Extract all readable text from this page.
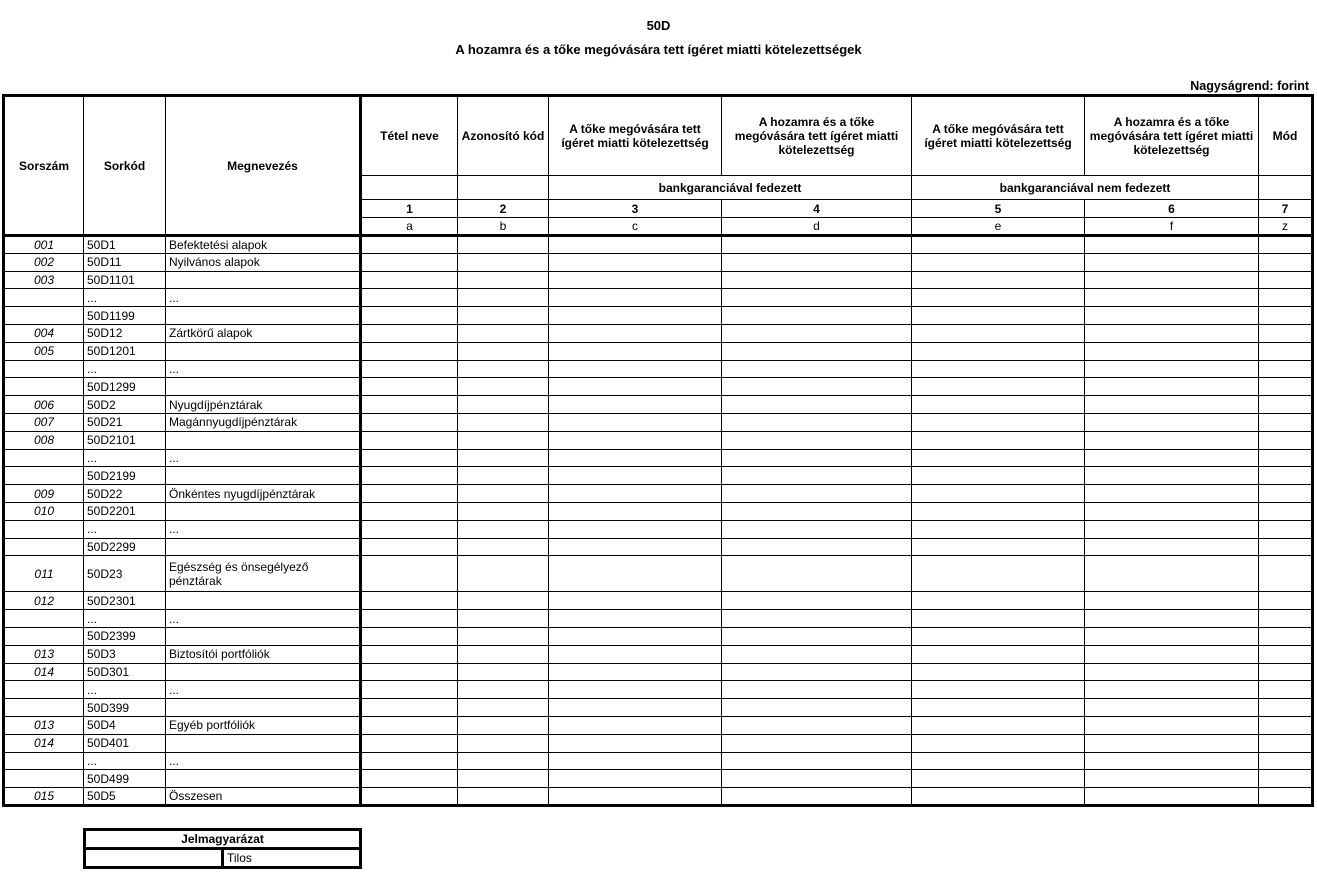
50D
A hozamra és a tőke megóvására tett ígéret miatti kötelezettségek
Nagyságrend: forint
Sorszám	Sorkód	Megnevezés	Tétel neve	Azonosító kód	A tőke megóvására tett ígéret miatti kötelezettség	A hozamra és a tőke megóvására tett ígéret miatti kötelezettség	A tőke megóvására tett ígéret miatti kötelezettség	A hozamra és a tőke megóvására tett ígéret miatti kötelezettség	Mód
					bankgaranciával fedezett		bankgaranciával nem fedezett		
			1	2	3	4	5	6	7
			a	b	c	d	e	f	z
001	50D1	Befektetési alapok							
002	50D11	Nyilvános alapok							
003	50D1101								
	...	...							
	50D1199								
004	50D12	Zártkörű alapok							
005	50D1201								
	...	...							
	50D1299								
006	50D2	Nyugdíjpénztárak							
007	50D21	Magánnyugdíjpénztárak							
008	50D2101								
	...	...							
	50D2199								
009	50D22	Önkéntes nyugdíjpénztárak							
010	50D2201								
	...	...							
	50D2299								
011	50D23	Egészség és önsegélyező pénztárak							
012	50D2301								
	...	...							
	50D2399								
013	50D3	Biztosítói portfóliók							
014	50D301								
	...	...							
	50D399								
013	50D4	Egyéb portfóliók							
014	50D401								
	...	...							
	50D499								
015	50D5	Összesen							
Jelmagyarázat
	Tilos
